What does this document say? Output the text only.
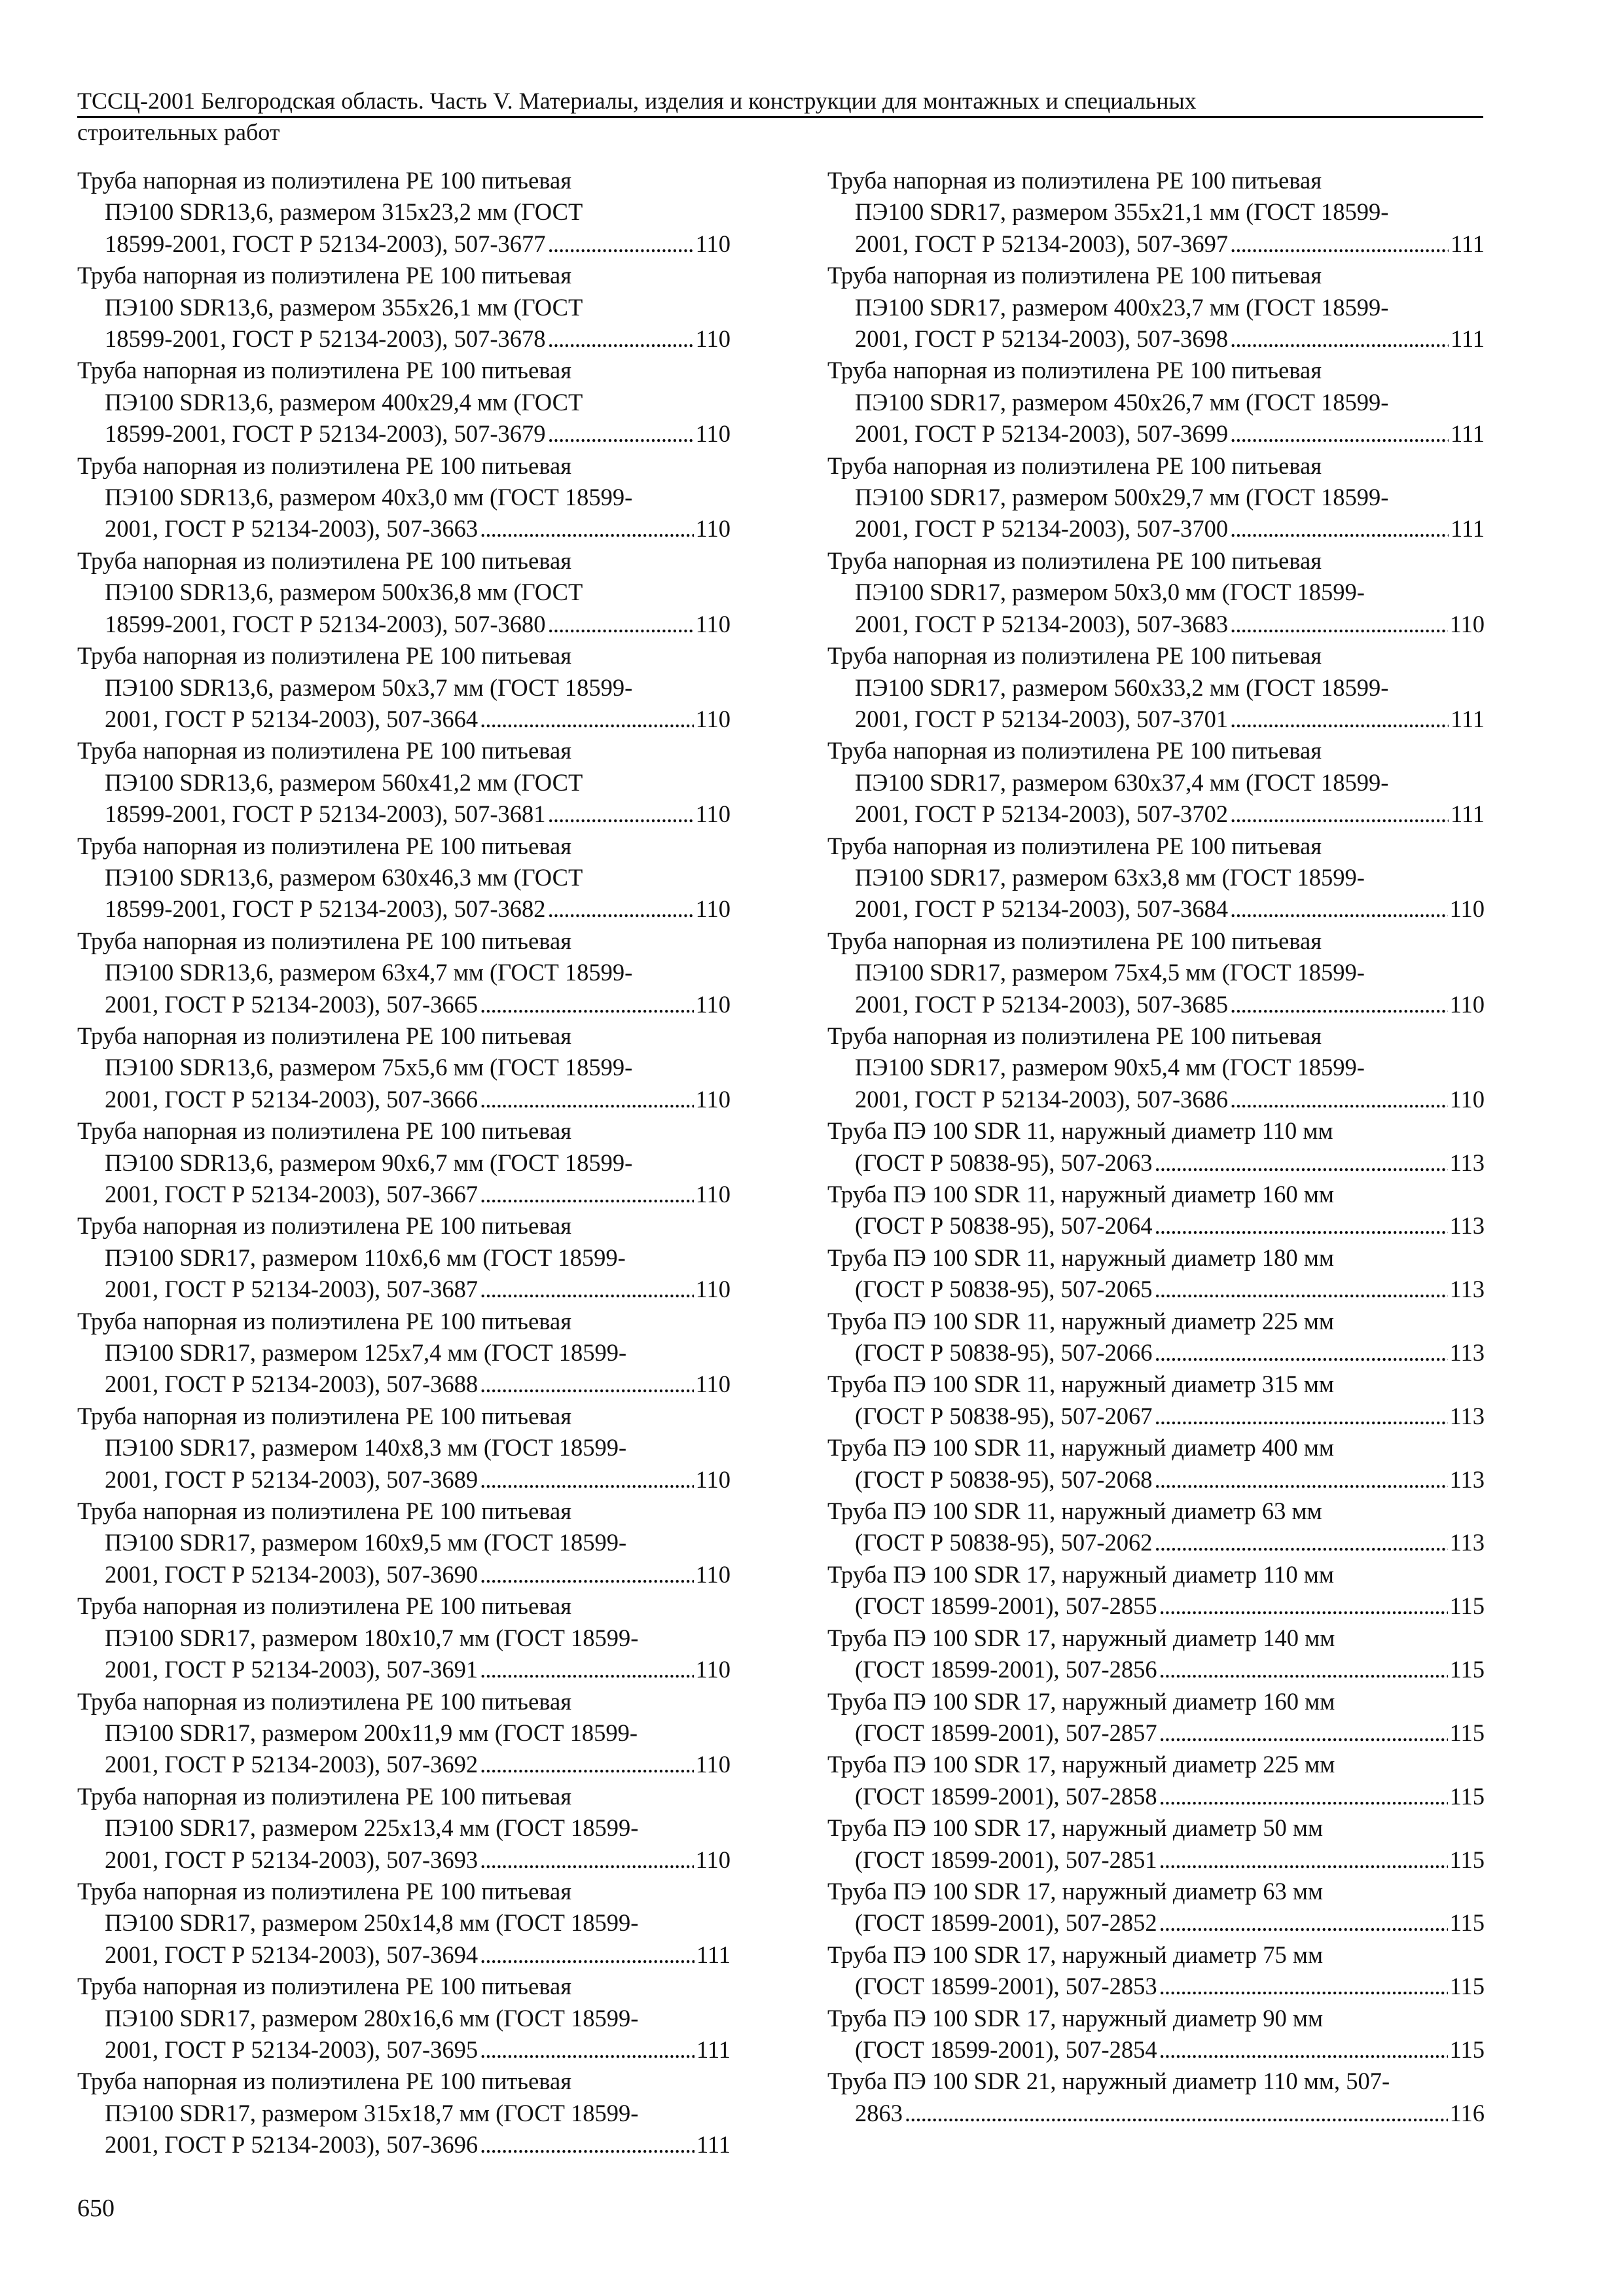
ТССЦ-2001 Белгородская область. Часть V. Материалы, изделия и конструкции для монтажных и специальных
строительных работ
Труба напорная из полиэтилена PE 100 питьевая
ПЭ100 SDR13,6, размером 315х23,2 мм (ГОСТ
18599-2001, ГОСТ Р 52134-2003), 507-3677 . . .	110
Труба напорная из полиэтилена PE 100 питьевая
ПЭ100 SDR13,6, размером 355х26,1 мм (ГОСТ
18599-2001, ГОСТ Р 52134-2003), 507-3678 . . .	110
Труба напорная из полиэтилена PE 100 питьевая
ПЭ100 SDR13,6, размером 400х29,4 мм (ГОСТ
18599-2001, ГОСТ Р 52134-2003), 507-3679 . . .	110
Труба напорная из полиэтилена PE 100 питьевая
ПЭ100 SDR13,6, размером 40х3,0 мм (ГОСТ 18599-
2001, ГОСТ Р 52134-2003), 507-3663 . . .	110
Труба напорная из полиэтилена PE 100 питьевая
ПЭ100 SDR13,6, размером 500х36,8 мм (ГОСТ
18599-2001, ГОСТ Р 52134-2003), 507-3680 . . .	110
Труба напорная из полиэтилена PE 100 питьевая
ПЭ100 SDR13,6, размером 50х3,7 мм (ГОСТ 18599-
2001, ГОСТ Р 52134-2003), 507-3664 . . .	110
Труба напорная из полиэтилена PE 100 питьевая
ПЭ100 SDR13,6, размером 560х41,2 мм (ГОСТ
18599-2001, ГОСТ Р 52134-2003), 507-3681 . . .	110
Труба напорная из полиэтилена PE 100 питьевая
ПЭ100 SDR13,6, размером 630х46,3 мм (ГОСТ
18599-2001, ГОСТ Р 52134-2003), 507-3682 . . .	110
Труба напорная из полиэтилена PE 100 питьевая
ПЭ100 SDR13,6, размером 63х4,7 мм (ГОСТ 18599-
2001, ГОСТ Р 52134-2003), 507-3665 . . .	110
Труба напорная из полиэтилена PE 100 питьевая
ПЭ100 SDR13,6, размером 75х5,6 мм (ГОСТ 18599-
2001, ГОСТ Р 52134-2003), 507-3666 . . .	110
Труба напорная из полиэтилена PE 100 питьевая
ПЭ100 SDR13,6, размером 90х6,7 мм (ГОСТ 18599-
2001, ГОСТ Р 52134-2003), 507-3667 . . .	110
Труба напорная из полиэтилена PE 100 питьевая
ПЭ100 SDR17, размером 110х6,6 мм (ГОСТ 18599-
2001, ГОСТ Р 52134-2003), 507-3687 . . .	110
Труба напорная из полиэтилена PE 100 питьевая
ПЭ100 SDR17, размером 125х7,4 мм (ГОСТ 18599-
2001, ГОСТ Р 52134-2003), 507-3688 . . .	110
Труба напорная из полиэтилена PE 100 питьевая
ПЭ100 SDR17, размером 140х8,3 мм (ГОСТ 18599-
2001, ГОСТ Р 52134-2003), 507-3689 . . .	110
Труба напорная из полиэтилена PE 100 питьевая
ПЭ100 SDR17, размером 160х9,5 мм (ГОСТ 18599-
2001, ГОСТ Р 52134-2003), 507-3690 . . .	110
Труба напорная из полиэтилена PE 100 питьевая
ПЭ100 SDR17, размером 180х10,7 мм (ГОСТ 18599-
2001, ГОСТ Р 52134-2003), 507-3691 . . .	110
Труба напорная из полиэтилена PE 100 питьевая
ПЭ100 SDR17, размером 200х11,9 мм (ГОСТ 18599-
2001, ГОСТ Р 52134-2003), 507-3692 . . .	110
Труба напорная из полиэтилена PE 100 питьевая
ПЭ100 SDR17, размером 225х13,4 мм (ГОСТ 18599-
2001, ГОСТ Р 52134-2003), 507-3693 . . .	110
Труба напорная из полиэтилена PE 100 питьевая
ПЭ100 SDR17, размером 250х14,8 мм (ГОСТ 18599-
2001, ГОСТ Р 52134-2003), 507-3694 . . .	111
Труба напорная из полиэтилена PE 100 питьевая
ПЭ100 SDR17, размером 280х16,6 мм (ГОСТ 18599-
2001, ГОСТ Р 52134-2003), 507-3695 . . .	111
Труба напорная из полиэтилена PE 100 питьевая
ПЭ100 SDR17, размером 315х18,7 мм (ГОСТ 18599-
2001, ГОСТ Р 52134-2003), 507-3696 . . .	111
Труба напорная из полиэтилена PE 100 питьевая
ПЭ100 SDR17, размером 355х21,1 мм (ГОСТ 18599-
2001, ГОСТ Р 52134-2003), 507-3697 . . .	111
Труба напорная из полиэтилена PE 100 питьевая
ПЭ100 SDR17, размером 400х23,7 мм (ГОСТ 18599-
2001, ГОСТ Р 52134-2003), 507-3698 . . .	111
Труба напорная из полиэтилена PE 100 питьевая
ПЭ100 SDR17, размером 450х26,7 мм (ГОСТ 18599-
2001, ГОСТ Р 52134-2003), 507-3699 . . .	111
Труба напорная из полиэтилена PE 100 питьевая
ПЭ100 SDR17, размером 500х29,7 мм (ГОСТ 18599-
2001, ГОСТ Р 52134-2003), 507-3700 . . .	111
Труба напорная из полиэтилена PE 100 питьевая
ПЭ100 SDR17, размером 50х3,0 мм (ГОСТ 18599-
2001, ГОСТ Р 52134-2003), 507-3683 . . .	110
Труба напорная из полиэтилена PE 100 питьевая
ПЭ100 SDR17, размером 560х33,2 мм (ГОСТ 18599-
2001, ГОСТ Р 52134-2003), 507-3701 . . .	111
Труба напорная из полиэтилена PE 100 питьевая
ПЭ100 SDR17, размером 630х37,4 мм (ГОСТ 18599-
2001, ГОСТ Р 52134-2003), 507-3702 . . .	111
Труба напорная из полиэтилена PE 100 питьевая
ПЭ100 SDR17, размером 63х3,8 мм (ГОСТ 18599-
2001, ГОСТ Р 52134-2003), 507-3684 . . .	110
Труба напорная из полиэтилена PE 100 питьевая
ПЭ100 SDR17, размером 75х4,5 мм (ГОСТ 18599-
2001, ГОСТ Р 52134-2003), 507-3685 . . .	110
Труба напорная из полиэтилена PE 100 питьевая
ПЭ100 SDR17, размером 90х5,4 мм (ГОСТ 18599-
2001, ГОСТ Р 52134-2003), 507-3686 . . .	110
Труба ПЭ 100 SDR 11, наружный диаметр 110 мм
(ГОСТ Р 50838-95), 507-2063 . . .	113
Труба ПЭ 100 SDR 11, наружный диаметр 160 мм
(ГОСТ Р 50838-95), 507-2064 . . .	113
Труба ПЭ 100 SDR 11, наружный диаметр 180 мм
(ГОСТ Р 50838-95), 507-2065 . . .	113
Труба ПЭ 100 SDR 11, наружный диаметр 225 мм
(ГОСТ Р 50838-95), 507-2066 . . .	113
Труба ПЭ 100 SDR 11, наружный диаметр 315 мм
(ГОСТ Р 50838-95), 507-2067 . . .	113
Труба ПЭ 100 SDR 11, наружный диаметр 400 мм
(ГОСТ Р 50838-95), 507-2068 . . .	113
Труба ПЭ 100 SDR 11, наружный диаметр 63 мм
(ГОСТ Р 50838-95), 507-2062 . . .	113
Труба ПЭ 100 SDR 17, наружный диаметр 110 мм
(ГОСТ 18599-2001), 507-2855 . . .	115
Труба ПЭ 100 SDR 17, наружный диаметр 140 мм
(ГОСТ 18599-2001), 507-2856 . . .	115
Труба ПЭ 100 SDR 17, наружный диаметр 160 мм
(ГОСТ 18599-2001), 507-2857 . . .	115
Труба ПЭ 100 SDR 17, наружный диаметр 225 мм
(ГОСТ 18599-2001), 507-2858 . . .	115
Труба ПЭ 100 SDR 17, наружный диаметр 50 мм
(ГОСТ 18599-2001), 507-2851 . . .	115
Труба ПЭ 100 SDR 17, наружный диаметр 63 мм
(ГОСТ 18599-2001), 507-2852 . . .	115
Труба ПЭ 100 SDR 17, наружный диаметр 75 мм
(ГОСТ 18599-2001), 507-2853 . . .	115
Труба ПЭ 100 SDR 17, наружный диаметр 90 мм
(ГОСТ 18599-2001), 507-2854 . . .	115
Труба ПЭ 100 SDR 21, наружный диаметр 110 мм, 507-
2863 . . .	116
650
